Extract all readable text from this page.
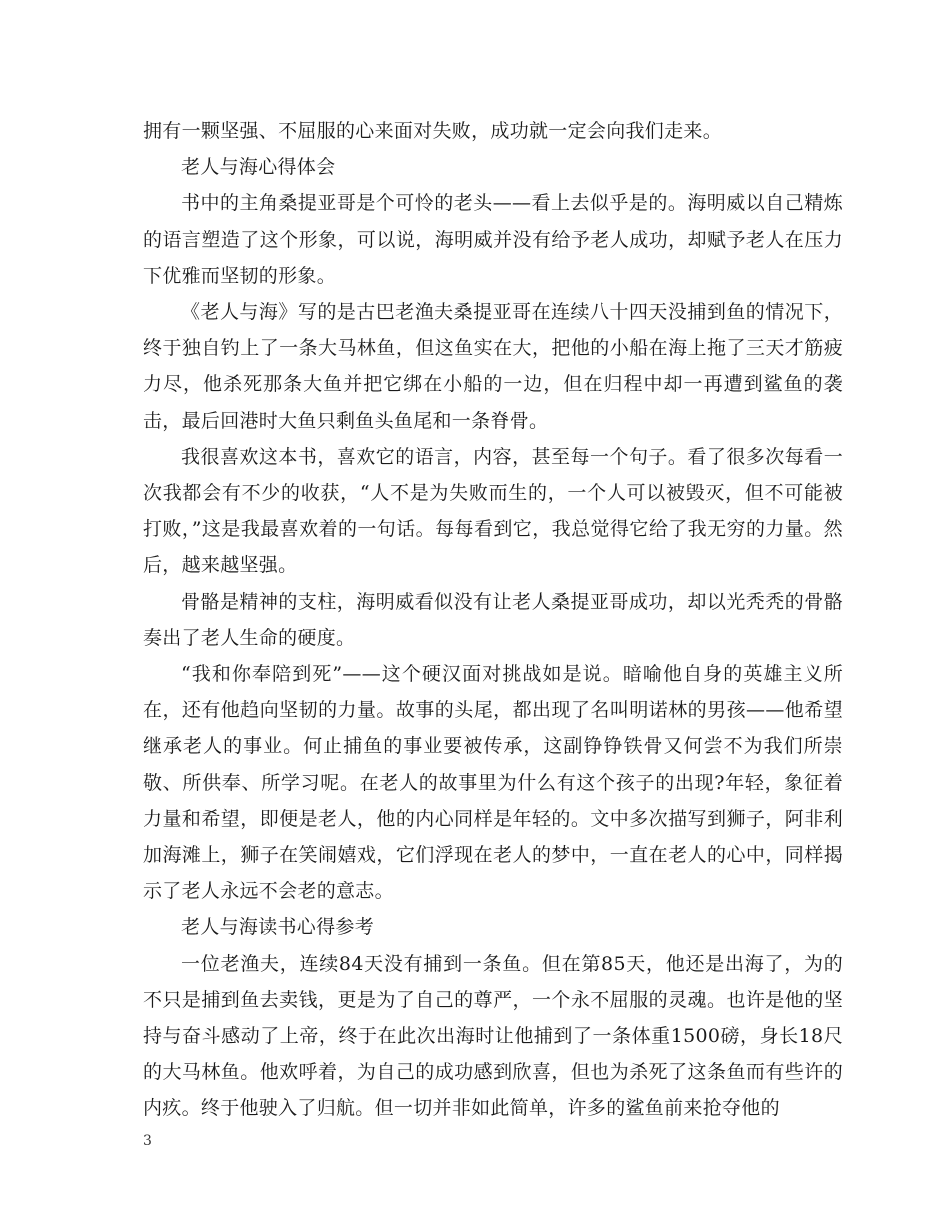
拥有一颗坚强、不屈服的心来面对失败，成功就一定会向我们走来。

老人与海心得体会

书中的主角桑提亚哥是个可怜的老头——看上去似乎是的。海明威以自己精炼的语言塑造了这个形象，可以说，海明威并没有给予老人成功，却赋予老人在压力下优雅而坚韧的形象。

《老人与海》写的是古巴老渔夫桑提亚哥在连续八十四天没捕到鱼的情况下，终于独自钓上了一条大马林鱼，但这鱼实在大，把他的小船在海上拖了三天才筋疲力尽，他杀死那条大鱼并把它绑在小船的一边，但在归程中却一再遭到鲨鱼的袭击，最后回港时大鱼只剩鱼头鱼尾和一条脊骨。

我很喜欢这本书，喜欢它的语言，内容，甚至每一个句子。看了很多次每看一次我都会有不少的收获，“人不是为失败而生的，一个人可以被毁灭，但不可能被打败，”这是我最喜欢着的一句话。每每看到它，我总觉得它给了我无穷的力量。然后，越来越坚强。

骨骼是精神的支柱，海明威看似没有让老人桑提亚哥成功，却以光秃秃的骨骼奏出了老人生命的硬度。

“我和你奉陪到死”——这个硬汉面对挑战如是说。暗喻他自身的英雄主义所在，还有他趋向坚韧的力量。故事的头尾，都出现了名叫明诺林的男孩——他希望继承老人的事业。何止捕鱼的事业要被传承，这副铮铮铁骨又何尝不为我们所崇敬、所供奉、所学习呢。在老人的故事里为什么有这个孩子的出现?年轻，象征着力量和希望，即便是老人，他的内心同样是年轻的。文中多次描写到狮子，阿非利加海滩上，狮子在笑闹嬉戏，它们浮现在老人的梦中，一直在老人的心中，同样揭示了老人永远不会老的意志。

老人与海读书心得参考

一位老渔夫，连续84天没有捕到一条鱼。但在第85天，他还是出海了，为的不只是捕到鱼去卖钱，更是为了自己的尊严，一个永不屈服的灵魂。也许是他的坚持与奋斗感动了上帝，终于在此次出海时让他捕到了一条体重1500磅，身长18尺的大马林鱼。他欢呼着，为自己的成功感到欣喜，但也为杀死了这条鱼而有些许的内疚。终于他驶入了归航。但一切并非如此简单，许多的鲨鱼前来抢夺他的

3
